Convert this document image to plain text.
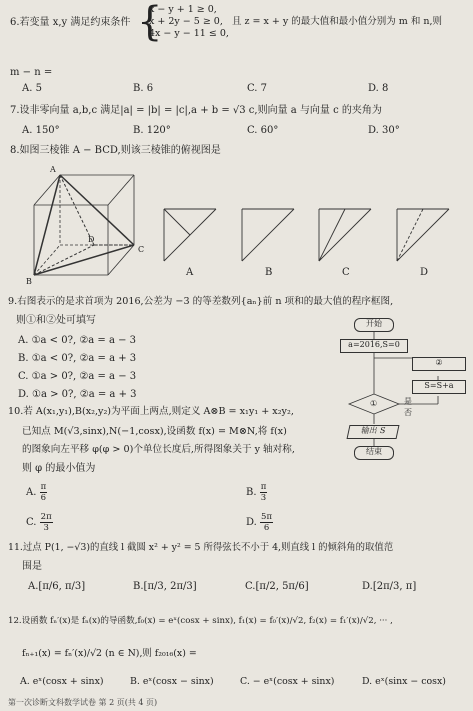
6.若变量 x,y 满足约束条件 {
x − y + 1 ≥ 0,
x + 2y − 5 ≥ 0,
4x − y − 11 ≤ 0,
且 z = x + y 的最大值和最小值分别为 m 和 n,则
m − n =
A. 5	B. 6	C. 7	D. 8
7.设非零向量 a,b,c 满足|a| = |b| = |c|,a + b = √3 c,则向量 a 与向量 c 的夹角为
A. 150°	B. 120°	C. 60°	D. 30°
8.如图三棱锥 A − BCD,则该三棱锥的俯视图是
A
B
C
D
A	B	C	D
9.右图表示的是求首项为 2016,公差为 −3 的等差数列{aₙ}前 n 项和的最大值的程序框图,
则①和②处可填写
A. ①a < 0?, ②a = a − 3
B. ①a < 0?, ②a = a + 3
C. ①a > 0?, ②a = a − 3
D. ①a > 0?, ②a = a + 3
开始
a=2016,S=0
②
S=S+a
①	是
否
输出 S
结束
10.若 A(x₁,y₁),B(x₂,y₂)为平面上两点,则定义 A⊗B = x₁y₁ + x₂y₂,
已知点 M(√3,sinx),N(−1,cosx),设函数 f(x) = M⊗N,将 f(x)
的图象向左平移 φ(φ > 0)个单位长度后,所得图象关于 y 轴对称,
则 φ 的最小值为
A. $\frac{\pi}{6}$	B. $\frac{\pi}{3}$
C. $\frac{2\pi}{3}$	D. $\frac{5\pi}{6}$
11.过点 P(1, −√3)的直线 l 截圆 x² + y² = 5 所得弦长不小于 4,则直线 l 的倾斜角的取值范
围是
A.[π/6, π/3]	B.[π/3, 2π/3]	C.[π/2, 5π/6]	D.[2π/3, π]
12.设函数 fₙ′(x)是 fₙ(x)的导函数,f₀(x) = eˣ(cosx + sinx), f₁(x) = f₀′(x)/√2, f₂(x) = f₁′(x)/√2, ··· ,
fₙ₊₁(x) = fₙ′(x)/√2 (n ∈ N),则 f₂₀₁₆(x) =
A. eˣ(cosx + sinx)	B. eˣ(cosx − sinx)	C. − eˣ(cosx + sinx)	D. eˣ(sinx − cosx)
第一次诊断文科数学试卷 第 2 页(共 4 页)
